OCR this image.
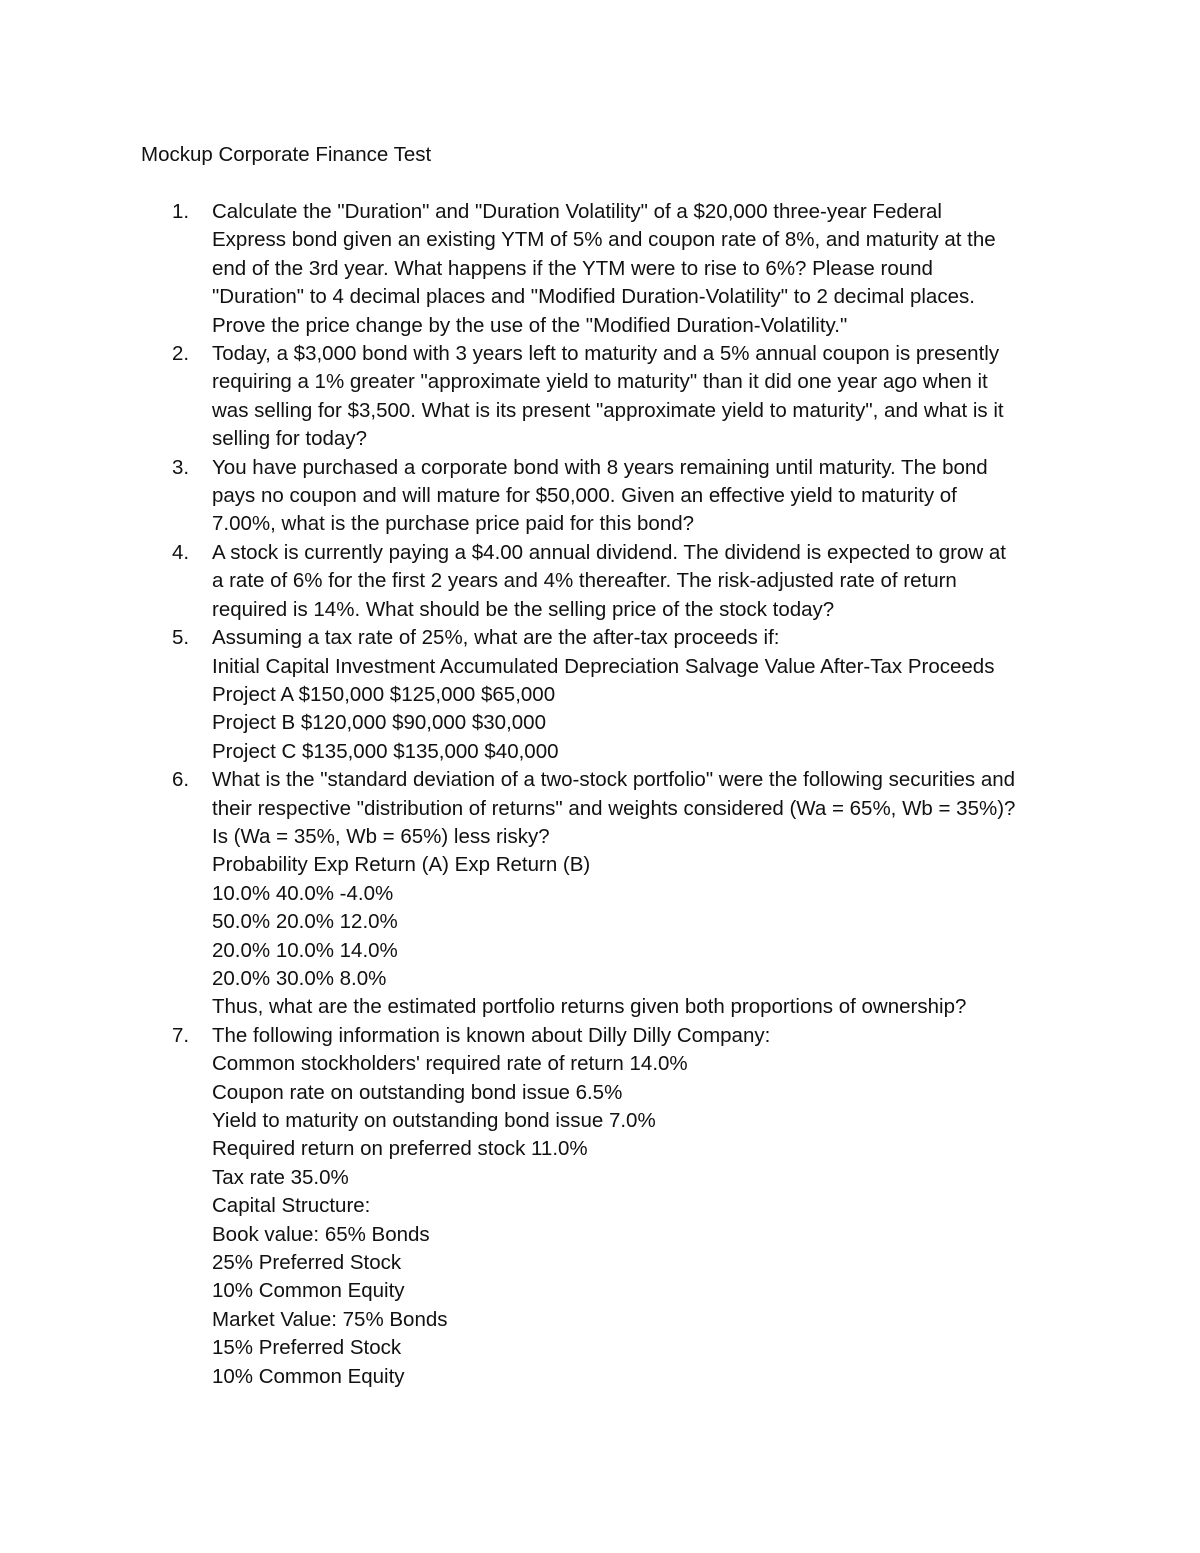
Mockup Corporate Finance Test
1. Calculate the "Duration" and "Duration Volatility" of a $20,000 three-year Federal
Express bond given an existing YTM of 5% and coupon rate of 8%, and maturity at the
end of the 3rd year. What happens if the YTM were to rise to 6%? Please round
"Duration" to 4 decimal places and "Modified Duration-Volatility" to 2 decimal places.
Prove the price change by the use of the "Modified Duration-Volatility."
2. Today, a $3,000 bond with 3 years left to maturity and a 5% annual coupon is presently
requiring a 1% greater "approximate yield to maturity" than it did one year ago when it
was selling for $3,500. What is its present "approximate yield to maturity", and what is it
selling for today?
3. You have purchased a corporate bond with 8 years remaining until maturity. The bond
pays no coupon and will mature for $50,000. Given an effective yield to maturity of
7.00%, what is the purchase price paid for this bond?
4. A stock is currently paying a $4.00 annual dividend. The dividend is expected to grow at
a rate of 6% for the first 2 years and 4% thereafter. The risk-adjusted rate of return
required is 14%. What should be the selling price of the stock today?
5. Assuming a tax rate of 25%, what are the after-tax proceeds if:
Initial Capital Investment Accumulated Depreciation Salvage Value After-Tax Proceeds
Project A $150,000 $125,000 $65,000
Project B $120,000 $90,000 $30,000
Project C $135,000 $135,000 $40,000
6. What is the "standard deviation of a two-stock portfolio" were the following securities and
their respective "distribution of returns" and weights considered (Wa = 65%, Wb = 35%)?
Is (Wa = 35%, Wb = 65%) less risky?
Probability Exp Return (A) Exp Return (B)
10.0% 40.0% -4.0%
50.0% 20.0% 12.0%
20.0% 10.0% 14.0%
20.0% 30.0% 8.0%
Thus, what are the estimated portfolio returns given both proportions of ownership?
7. The following information is known about Dilly Dilly Company:
Common stockholders' required rate of return 14.0%
Coupon rate on outstanding bond issue 6.5%
Yield to maturity on outstanding bond issue 7.0%
Required return on preferred stock 11.0%
Tax rate 35.0%
Capital Structure:
Book value: 65% Bonds
25% Preferred Stock
10% Common Equity
Market Value: 75% Bonds
15% Preferred Stock
10% Common Equity
